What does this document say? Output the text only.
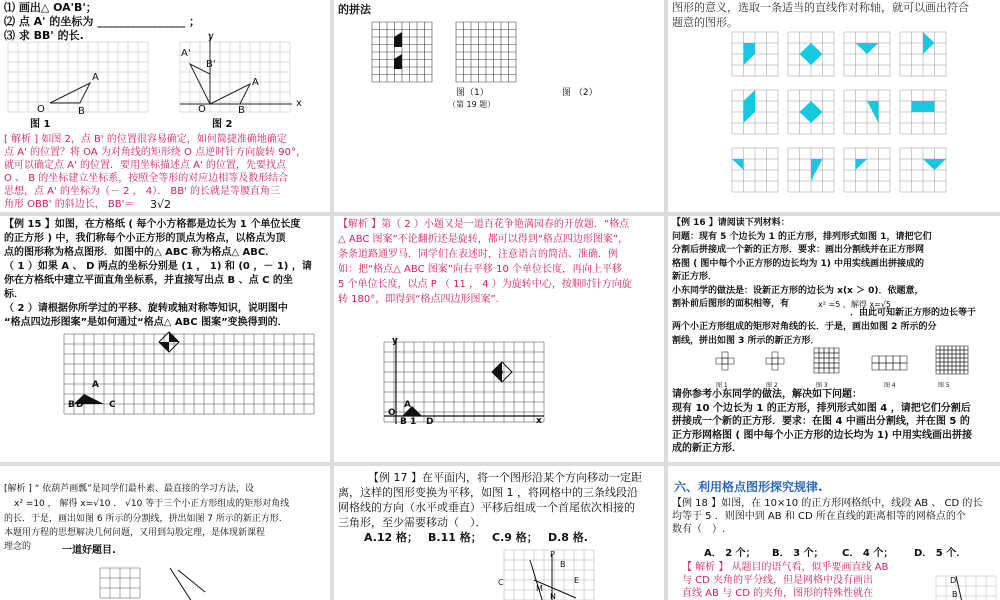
⑴ 画出△ OA'B'；
⑵ 点 A' 的坐标为 ________________ ；
⑶ 求 BB' 的长.
O
A
B
图 1
y
x
A'
B'
A
O	B
图 2
[ 解析 ] 如图 2，点 B' 的位置很容易确定，如何简捷准确地确定
点 A' 的位置？将 OA 为对角线的矩形绕 O 点逆时针方向旋转 90°，
就可以确定点 A' 的位置．要用坐标描述点 A' 的位置，先要找点
O 、 B 的坐标建立坐标系，按照全等形的对应边相等及数形结合
思想，点 A' 的坐标为（－ 2 ， 4）． BB' 的长就是等腰直角三
角形 OBB' 的斜边长， BB'＝ 3√2
的拼法
图（1）
（第 19 题）
图 （2）
图形的意义，选取一条适当的直线作对称轴，就可以画出符合
题意的图形。
【例 15 】如图，在方格纸 ( 每个小方格都是边长为 1 个单位长度
的正方形 ) 中，我们称每个小正方形的顶点为格点，以格点为顶
点的图形称为格点图形．如图中的△ ABC 称为格点△ ABC．
（ 1 ）如果 A 、 D 两点的坐标分别是 (1 ， 1) 和 (0 ，－ 1) ，请
你在方格纸中建立平面直角坐标系，并直接写出点 B 、点 C 的坐
标．
（ 2 ）请根据你所学过的平移、旋转或轴对称等知识，说明图中
“格点四边形图案”是如何通过“格点△ ABC 图案”变换得到的．
A
B D	C
【解析 】第（ 2 ）小题又是一道百花争艳满园春的开放题．“格点
△ ABC 图案”不论翻折还是旋转，都可以得到“格点四边形图案”，
条条道路通罗马．同学们在表述时，注意语言的简洁、准确．例
如：把“格点△ ABC 图案”向右平移 10 个单位长度，再向上平移
5 个单位长度，以点 P （ 11 ， 4 ）为旋转中心，按顺时针方向旋
转 180°，即得到“格点四边形图案”.
y
x
O
A
B D
1
P
【例 16 】请阅读下列材料：
问题：现有 5 个边长为 1 的正方形，排列形式如图 1，请把它们
分割后拼接成一个新的正方形．要求：画出分割线并在正方形网
格图 ( 图中每个小正方形的边长均为 1) 中用实线画出拼接成的
新正方形．
小东同学的做法是：设新正方形的边长为 x(x ＞ 0)．依题意，
割补前后图形的面积相等，有	x² =5 ，解得 x=√5
．由此可知新正方形的边长等于
两个小正方形组成的矩形对角线的长．于是，画出如图 2 所示的分
割线，拼出如图 3 所示的新正方形．
图 1	图 2	图 3	图 4	图 5
请你参考小东同学的做法，解决如下问题：
现有 10 个边长为 1 的正方形，排列形式如图 4 ，请把它们分割后
拼接成一个新的正方形．要求：在图 4 中画出分割线，并在图 5 的
正方形网格图 ( 图中每个小正方形的边长均为 1) 中用实线画出拼接
成的新正方形．
[解析 ] “ 依葫芦画瓢”是同学们最朴素、最直接的学习方法，设
x² =10 ， 解得 x=√10 ． √10 等于三个小正方形组成的矩形对角线
的长．于是，画出如图 6 所示的分割线，拼出如图 7 所示的新正方形．
本题用方程的思想解决几何问题，又用到勾股定理，是体现新课程
理念的	一道好题目.
【例 17 】在平面内，将一个图形沿某个方向移动一定距
离，这样的图形变换为平移，如图 1 ，将网格中的三条线段沿
网格线的方向（水平或垂直）平移后组成一个首尾依次相接的
三角形，至少需要移动（　）．
A.12 格； B.11 格； C.9 格； D.8 格.
P
B
C	E
M
N
六、利用格点图形探究规律.
【例 18 】如图，在 10×10 的正方形网格纸中，线段 AB 、 CD 的长
均等于 5 ．则图中到 AB 和 CD 所在直线的距离相等的网格点的个
数有（　）.
A． 2 个； B． 3 个； C． 4 个； D． 5 个．
【 解析 】 从题目的语气看，似乎要画直线 AB
与 CD 夹角的平分线，但是网格中没有画出
直线 AB 与 CD 的夹角，图形的特殊性就在
D
B
